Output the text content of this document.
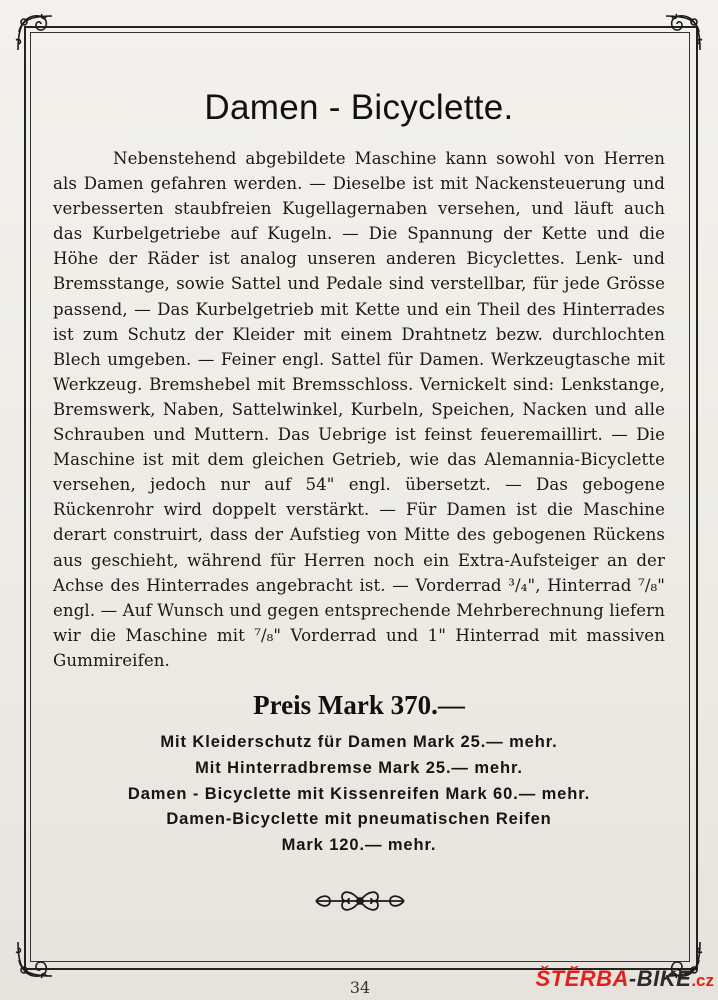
Damen - Bicyclette.

Nebenstehend abgebildete Maschine kann sowohl von Herren als Damen gefahren werden. — Dieselbe ist mit Nackensteuerung und verbesserten staubfreien Kugellagernaben versehen, und läuft auch das Kurbelgetriebe auf Kugeln. — Die Spannung der Kette und die Höhe der Räder ist analog unseren anderen Bicyclettes. Lenk- und Bremsstange, sowie Sattel und Pedale sind verstellbar, für jede Grösse passend, — Das Kurbelgetrieb mit Kette und ein Theil des Hinterrades ist zum Schutz der Kleider mit einem Drahtnetz bezw. durchlochten Blech umgeben. — Feiner engl. Sattel für Damen. Werkzeugtasche mit Werkzeug. Bremshebel mit Bremsschloss. Vernickelt sind: Lenkstange, Bremswerk, Naben, Sattelwinkel, Kurbeln, Speichen, Nacken und alle Schrauben und Muttern. Das Uebrige ist feinst feueremaillirt. — Die Maschine ist mit dem gleichen Getrieb, wie das Alemannia-Bicyclette versehen, jedoch nur auf 54" engl. übersetzt. — Das gebogene Rückenrohr wird doppelt verstärkt. — Für Damen ist die Maschine derart construirt, dass der Aufstieg von Mitte des gebogenen Rückens aus geschieht, während für Herren noch ein Extra-Aufsteiger an der Achse des Hinterrades angebracht ist. — Vorderrad ³/₄", Hinterrad ⁷/₈" engl. — Auf Wunsch und gegen entsprechende Mehrberechnung liefern wir die Maschine mit ⁷/₈" Vorderrad und 1" Hinterrad mit massiven Gummireifen.

Preis Mark 370.—
Mit Kleiderschutz für Damen Mark 25.— mehr.
Mit Hinterradbremse Mark 25.— mehr.
Damen - Bicyclette mit Kissenreifen Mark 60.— mehr.
Damen-Bicyclette mit pneumatischen Reifen
Mark 120.— mehr.
34	ŠTĚRBA-BIKE.cz
